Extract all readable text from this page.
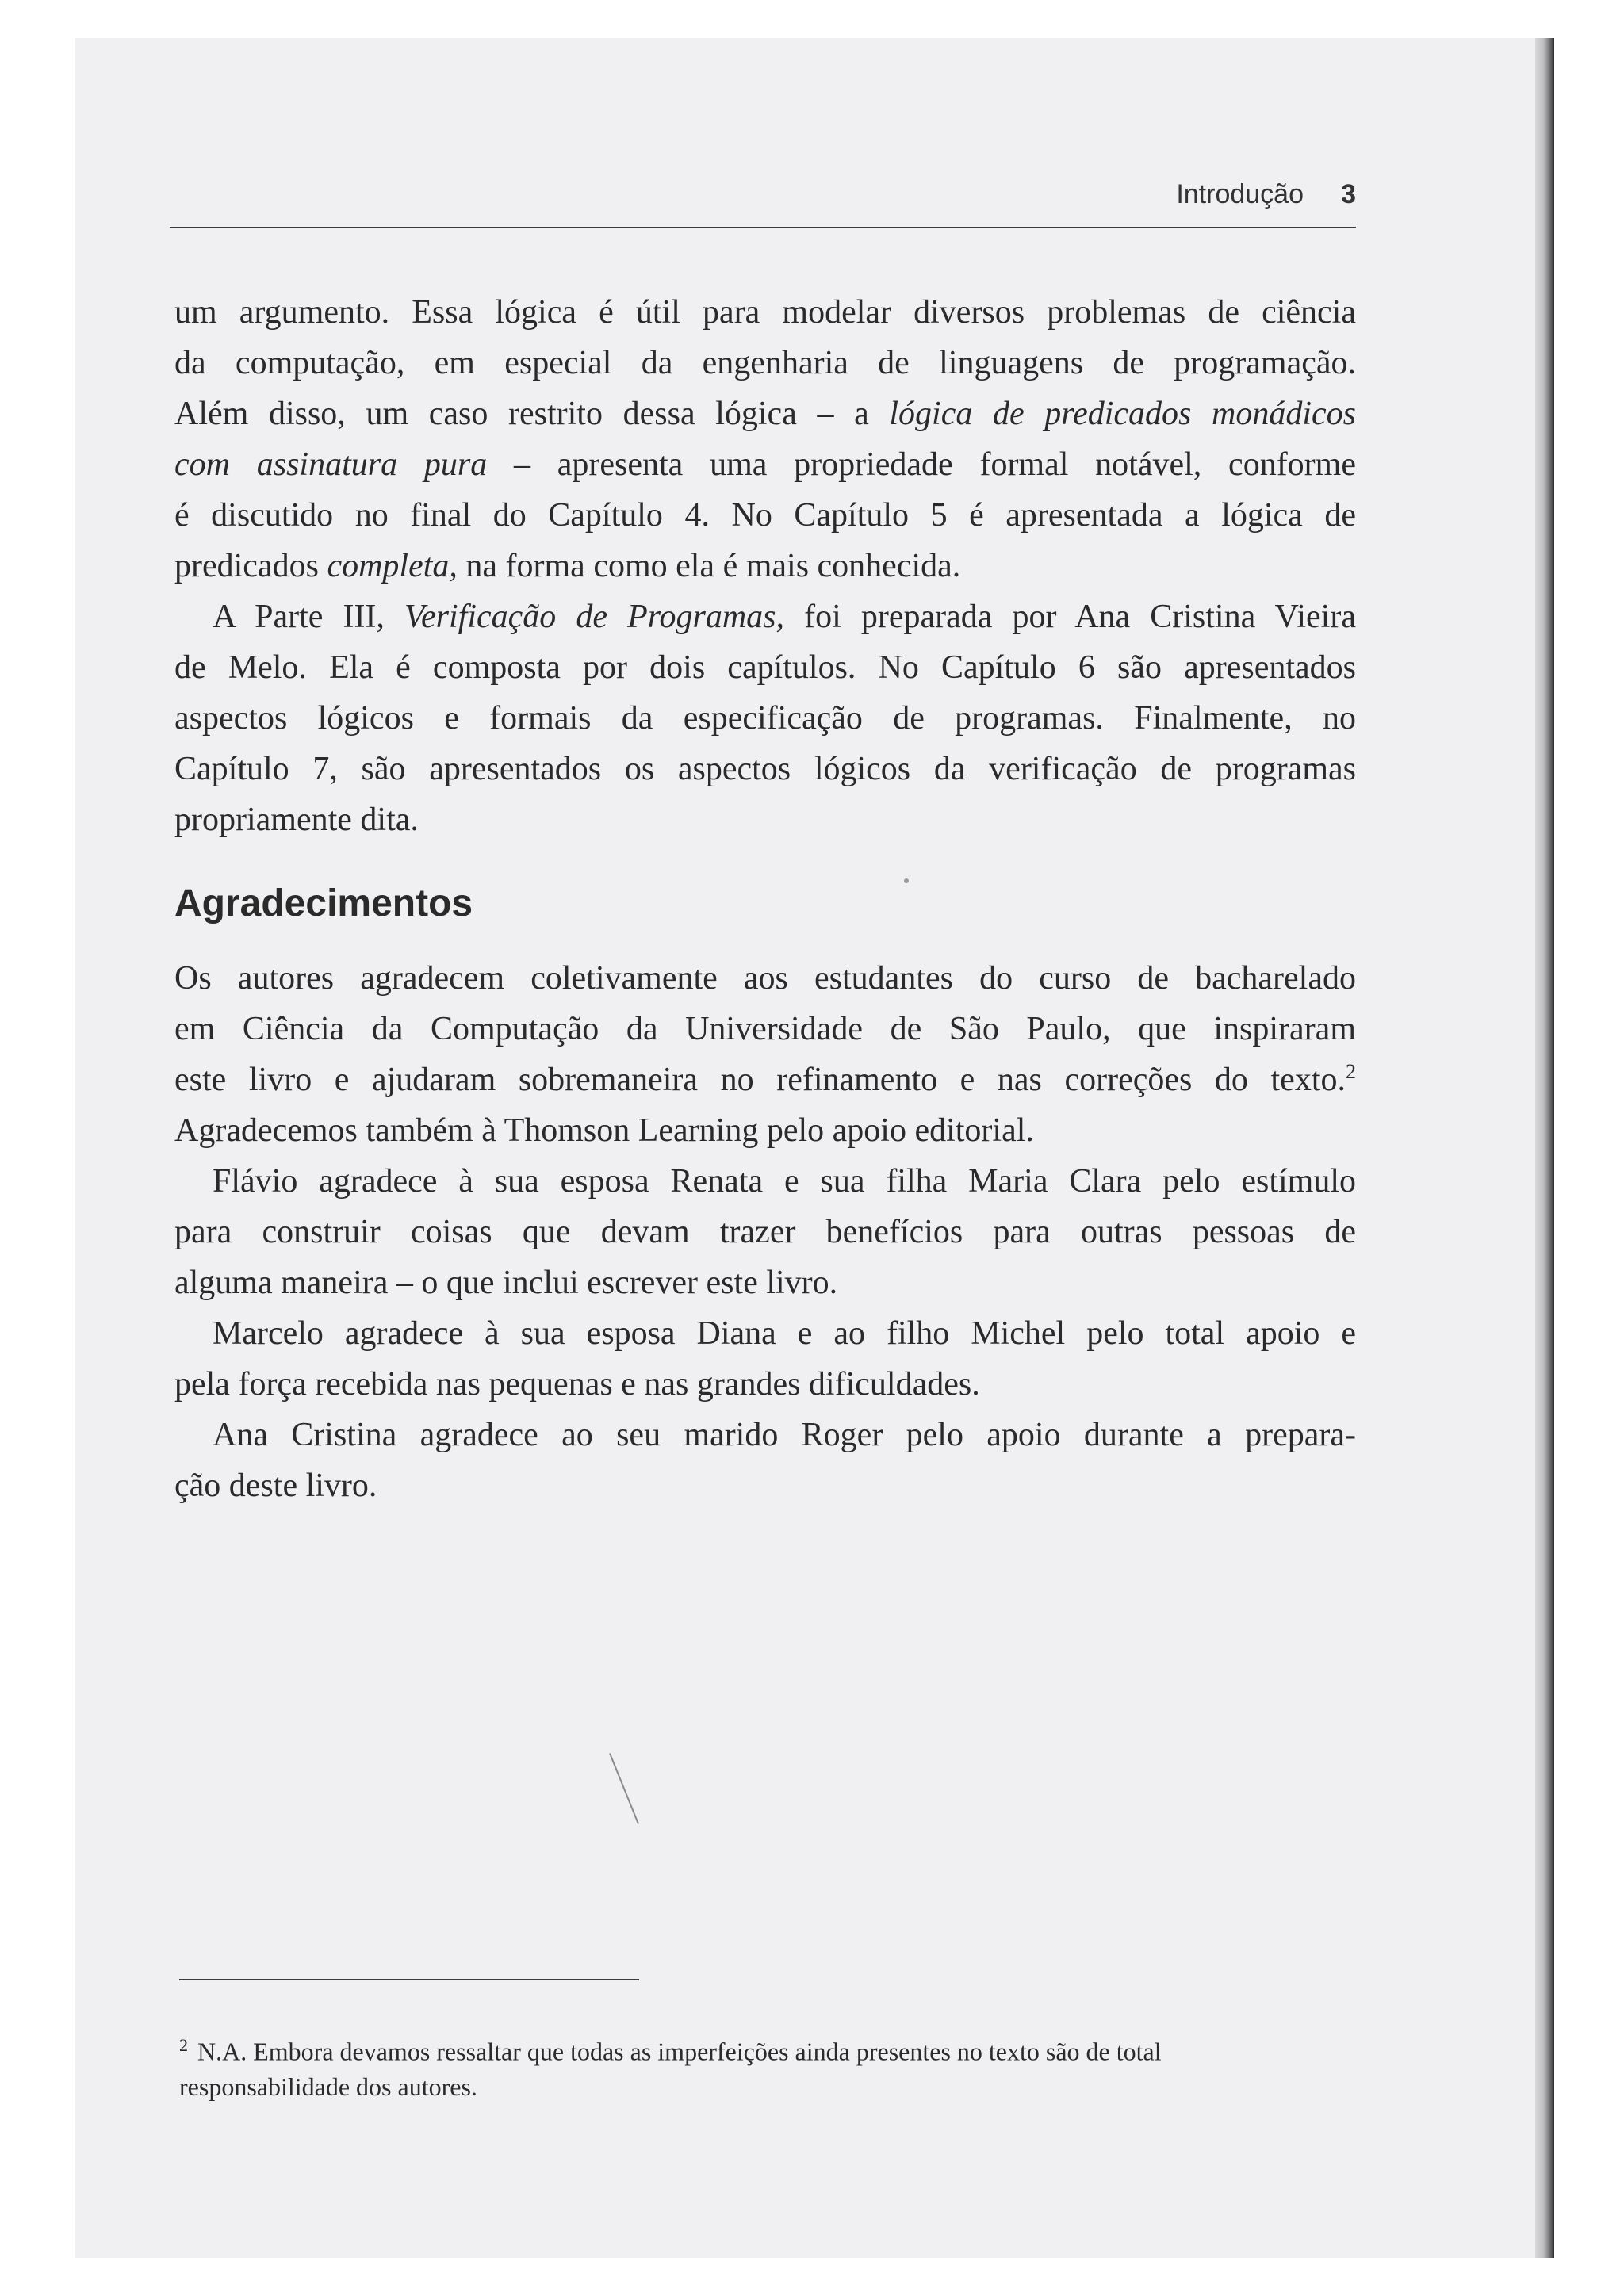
Introdução 3
um argumento. Essa lógica é útil para modelar diversos problemas de ciência
da computação, em especial da engenharia de linguagens de programação.
Além disso, um caso restrito dessa lógica – a lógica de predicados monádicos
com assinatura pura – apresenta uma propriedade formal notável, conforme
é discutido no final do Capítulo 4. No Capítulo 5 é apresentada a lógica de
predicados completa, na forma como ela é mais conhecida.
A Parte III, Verificação de Programas, foi preparada por Ana Cristina Vieira
de Melo. Ela é composta por dois capítulos. No Capítulo 6 são apresentados
aspectos lógicos e formais da especificação de programas. Finalmente, no
Capítulo 7, são apresentados os aspectos lógicos da verificação de programas
propriamente dita.
Agradecimentos
Os autores agradecem coletivamente aos estudantes do curso de bacharelado
em Ciência da Computação da Universidade de São Paulo, que inspiraram
este livro e ajudaram sobremaneira no refinamento e nas correções do texto.$^2$
Agradecemos também à Thomson Learning pelo apoio editorial.
Flávio agradece à sua esposa Renata e sua filha Maria Clara pelo estímulo
para construir coisas que devam trazer benefícios para outras pessoas de
alguma maneira – o que inclui escrever este livro.
Marcelo agradece à sua esposa Diana e ao filho Michel pelo total apoio e
pela força recebida nas pequenas e nas grandes dificuldades.
Ana Cristina agradece ao seu marido Roger pelo apoio durante a prepara-
ção deste livro.
$^2$ N.A. Embora devamos ressaltar que todas as imperfeições ainda presentes no texto são de total
responsabilidade dos autores.
